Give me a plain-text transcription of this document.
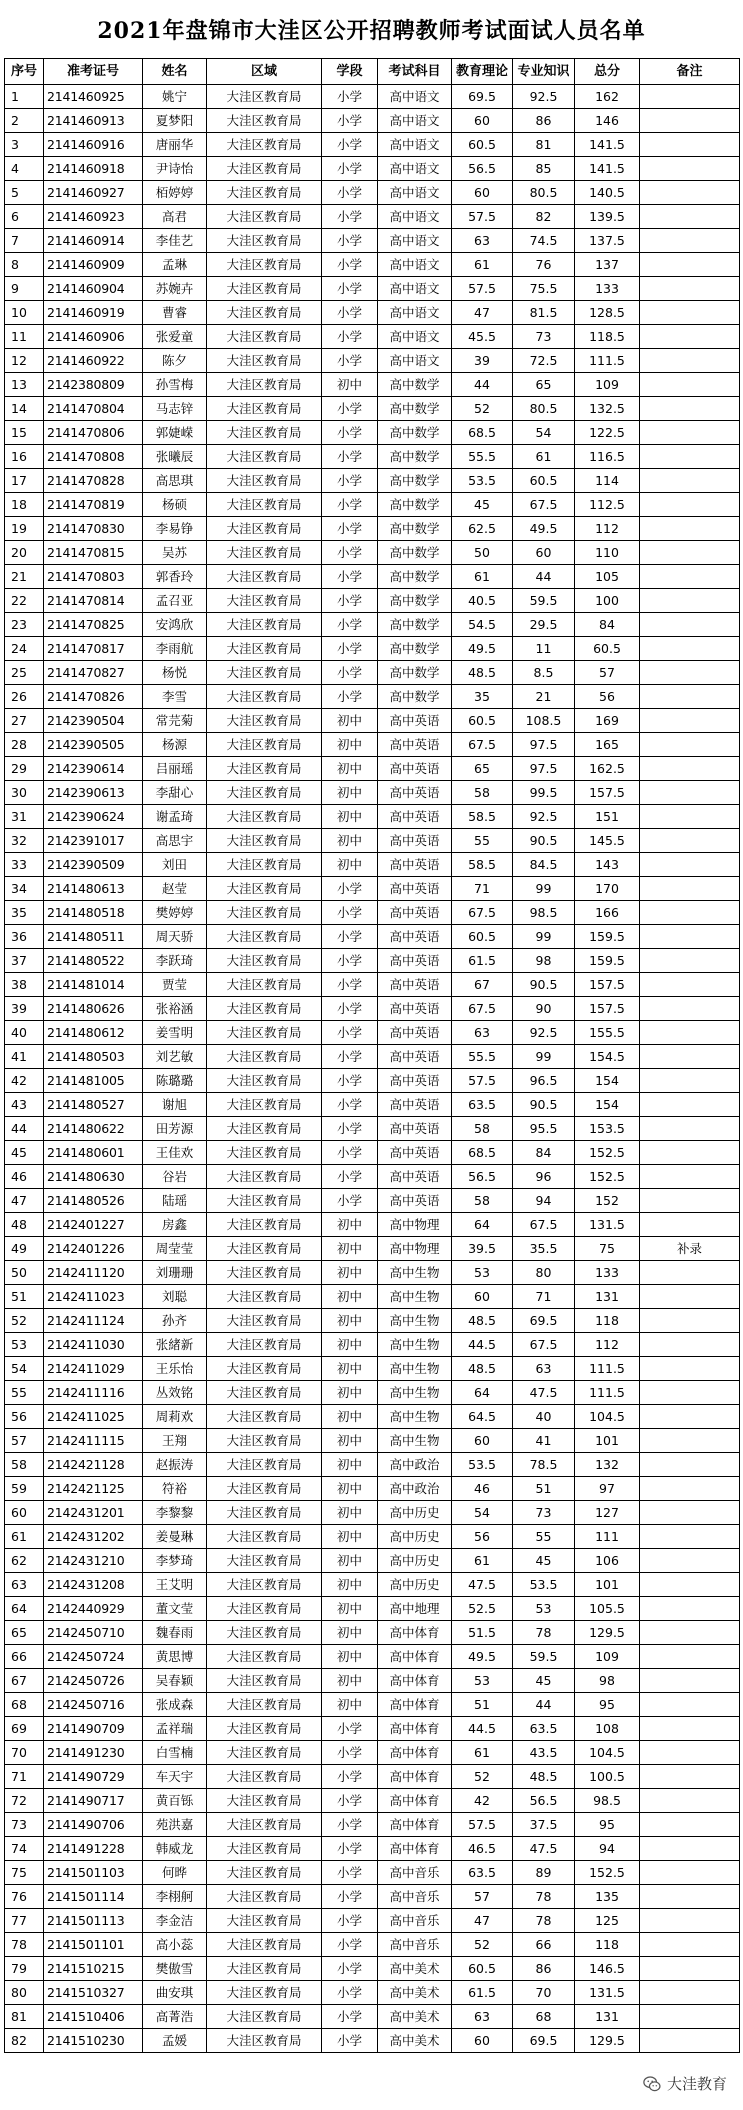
2021年盘锦市大洼区公开招聘教师考试面试人员名单
序号	准考证号	姓名	区域	学段	考试科目	教育理论	专业知识	总分	备注
1	2141460925	姚宁	大洼区教育局	小学	高中语文	69.5	92.5	162	
2	2141460913	夏梦阳	大洼区教育局	小学	高中语文	60	86	146	
3	2141460916	唐丽华	大洼区教育局	小学	高中语文	60.5	81	141.5	
4	2141460918	尹诗怡	大洼区教育局	小学	高中语文	56.5	85	141.5	
5	2141460927	栢婷婷	大洼区教育局	小学	高中语文	60	80.5	140.5	
6	2141460923	高君	大洼区教育局	小学	高中语文	57.5	82	139.5	
7	2141460914	李佳艺	大洼区教育局	小学	高中语文	63	74.5	137.5	
8	2141460909	孟琳	大洼区教育局	小学	高中语文	61	76	137	
9	2141460904	苏婉卉	大洼区教育局	小学	高中语文	57.5	75.5	133	
10	2141460919	曹睿	大洼区教育局	小学	高中语文	47	81.5	128.5	
11	2141460906	张爱童	大洼区教育局	小学	高中语文	45.5	73	118.5	
12	2141460922	陈夕	大洼区教育局	小学	高中语文	39	72.5	111.5	
13	2142380809	孙雪梅	大洼区教育局	初中	高中数学	44	65	109	
14	2141470804	马志锌	大洼区教育局	小学	高中数学	52	80.5	132.5	
15	2141470806	郭婕嵘	大洼区教育局	小学	高中数学	68.5	54	122.5	
16	2141470808	张曦辰	大洼区教育局	小学	高中数学	55.5	61	116.5	
17	2141470828	高思琪	大洼区教育局	小学	高中数学	53.5	60.5	114	
18	2141470819	杨硕	大洼区教育局	小学	高中数学	45	67.5	112.5	
19	2141470830	李易铮	大洼区教育局	小学	高中数学	62.5	49.5	112	
20	2141470815	吴苏	大洼区教育局	小学	高中数学	50	60	110	
21	2141470803	郭香玲	大洼区教育局	小学	高中数学	61	44	105	
22	2141470814	孟召亚	大洼区教育局	小学	高中数学	40.5	59.5	100	
23	2141470825	安鸿欣	大洼区教育局	小学	高中数学	54.5	29.5	84	
24	2141470817	李雨航	大洼区教育局	小学	高中数学	49.5	11	60.5	
25	2141470827	杨悦	大洼区教育局	小学	高中数学	48.5	8.5	57	
26	2141470826	李雪	大洼区教育局	小学	高中数学	35	21	56	
27	2142390504	常芫菊	大洼区教育局	初中	高中英语	60.5	108.5	169	
28	2142390505	杨源	大洼区教育局	初中	高中英语	67.5	97.5	165	
29	2142390614	吕丽瑶	大洼区教育局	初中	高中英语	65	97.5	162.5	
30	2142390613	李甜心	大洼区教育局	初中	高中英语	58	99.5	157.5	
31	2142390624	谢孟琦	大洼区教育局	初中	高中英语	58.5	92.5	151	
32	2142391017	高思宇	大洼区教育局	初中	高中英语	55	90.5	145.5	
33	2142390509	刘田	大洼区教育局	初中	高中英语	58.5	84.5	143	
34	2141480613	赵莹	大洼区教育局	小学	高中英语	71	99	170	
35	2141480518	樊婷婷	大洼区教育局	小学	高中英语	67.5	98.5	166	
36	2141480511	周天骄	大洼区教育局	小学	高中英语	60.5	99	159.5	
37	2141480522	李跃琦	大洼区教育局	小学	高中英语	61.5	98	159.5	
38	2141481014	贾莹	大洼区教育局	小学	高中英语	67	90.5	157.5	
39	2141480626	张裕涵	大洼区教育局	小学	高中英语	67.5	90	157.5	
40	2141480612	姜雪明	大洼区教育局	小学	高中英语	63	92.5	155.5	
41	2141480503	刘艺敏	大洼区教育局	小学	高中英语	55.5	99	154.5	
42	2141481005	陈璐璐	大洼区教育局	小学	高中英语	57.5	96.5	154	
43	2141480527	谢旭	大洼区教育局	小学	高中英语	63.5	90.5	154	
44	2141480622	田芳源	大洼区教育局	小学	高中英语	58	95.5	153.5	
45	2141480601	王佳欢	大洼区教育局	小学	高中英语	68.5	84	152.5	
46	2141480630	谷岩	大洼区教育局	小学	高中英语	56.5	96	152.5	
47	2141480526	陆瑶	大洼区教育局	小学	高中英语	58	94	152	
48	2142401227	房鑫	大洼区教育局	初中	高中物理	64	67.5	131.5	
49	2142401226	周莹莹	大洼区教育局	初中	高中物理	39.5	35.5	75	补录
50	2142411120	刘珊珊	大洼区教育局	初中	高中生物	53	80	133	
51	2142411023	刘聪	大洼区教育局	初中	高中生物	60	71	131	
52	2142411124	孙齐	大洼区教育局	初中	高中生物	48.5	69.5	118	
53	2142411030	张緒新	大洼区教育局	初中	高中生物	44.5	67.5	112	
54	2142411029	王乐怡	大洼区教育局	初中	高中生物	48.5	63	111.5	
55	2142411116	丛效铭	大洼区教育局	初中	高中生物	64	47.5	111.5	
56	2142411025	周莉欢	大洼区教育局	初中	高中生物	64.5	40	104.5	
57	2142411115	王翔	大洼区教育局	初中	高中生物	60	41	101	
58	2142421128	赵振涛	大洼区教育局	初中	高中政治	53.5	78.5	132	
59	2142421125	符裕	大洼区教育局	初中	高中政治	46	51	97	
60	2142431201	李黎黎	大洼区教育局	初中	高中历史	54	73	127	
61	2142431202	姜曼琳	大洼区教育局	初中	高中历史	56	55	111	
62	2142431210	李梦琦	大洼区教育局	初中	高中历史	61	45	106	
63	2142431208	王艾明	大洼区教育局	初中	高中历史	47.5	53.5	101	
64	2142440929	董文莹	大洼区教育局	初中	高中地理	52.5	53	105.5	
65	2142450710	魏春雨	大洼区教育局	初中	高中体育	51.5	78	129.5	
66	2142450724	黄思博	大洼区教育局	初中	高中体育	49.5	59.5	109	
67	2142450726	吴春颖	大洼区教育局	初中	高中体育	53	45	98	
68	2142450716	张成森	大洼区教育局	初中	高中体育	51	44	95	
69	2141490709	孟祥瑞	大洼区教育局	小学	高中体育	44.5	63.5	108	
70	2141491230	白雪楠	大洼区教育局	小学	高中体育	61	43.5	104.5	
71	2141490729	车天宇	大洼区教育局	小学	高中体育	52	48.5	100.5	
72	2141490717	黄百铄	大洼区教育局	小学	高中体育	42	56.5	98.5	
73	2141490706	苑洪嘉	大洼区教育局	小学	高中体育	57.5	37.5	95	
74	2141491228	韩威龙	大洼区教育局	小学	高中体育	46.5	47.5	94	
75	2141501103	何晔	大洼区教育局	小学	高中音乐	63.5	89	152.5	
76	2141501114	李栩舸	大洼区教育局	小学	高中音乐	57	78	135	
77	2141501113	李金洁	大洼区教育局	小学	高中音乐	47	78	125	
78	2141501101	高小蕊	大洼区教育局	小学	高中音乐	52	66	118	
79	2141510215	樊傲雪	大洼区教育局	小学	高中美术	60.5	86	146.5	
80	2141510327	曲安琪	大洼区教育局	小学	高中美术	61.5	70	131.5	
81	2141510406	高菁浩	大洼区教育局	小学	高中美术	63	68	131	
82	2141510230	孟媛	大洼区教育局	小学	高中美术	60	69.5	129.5	
大洼教育
